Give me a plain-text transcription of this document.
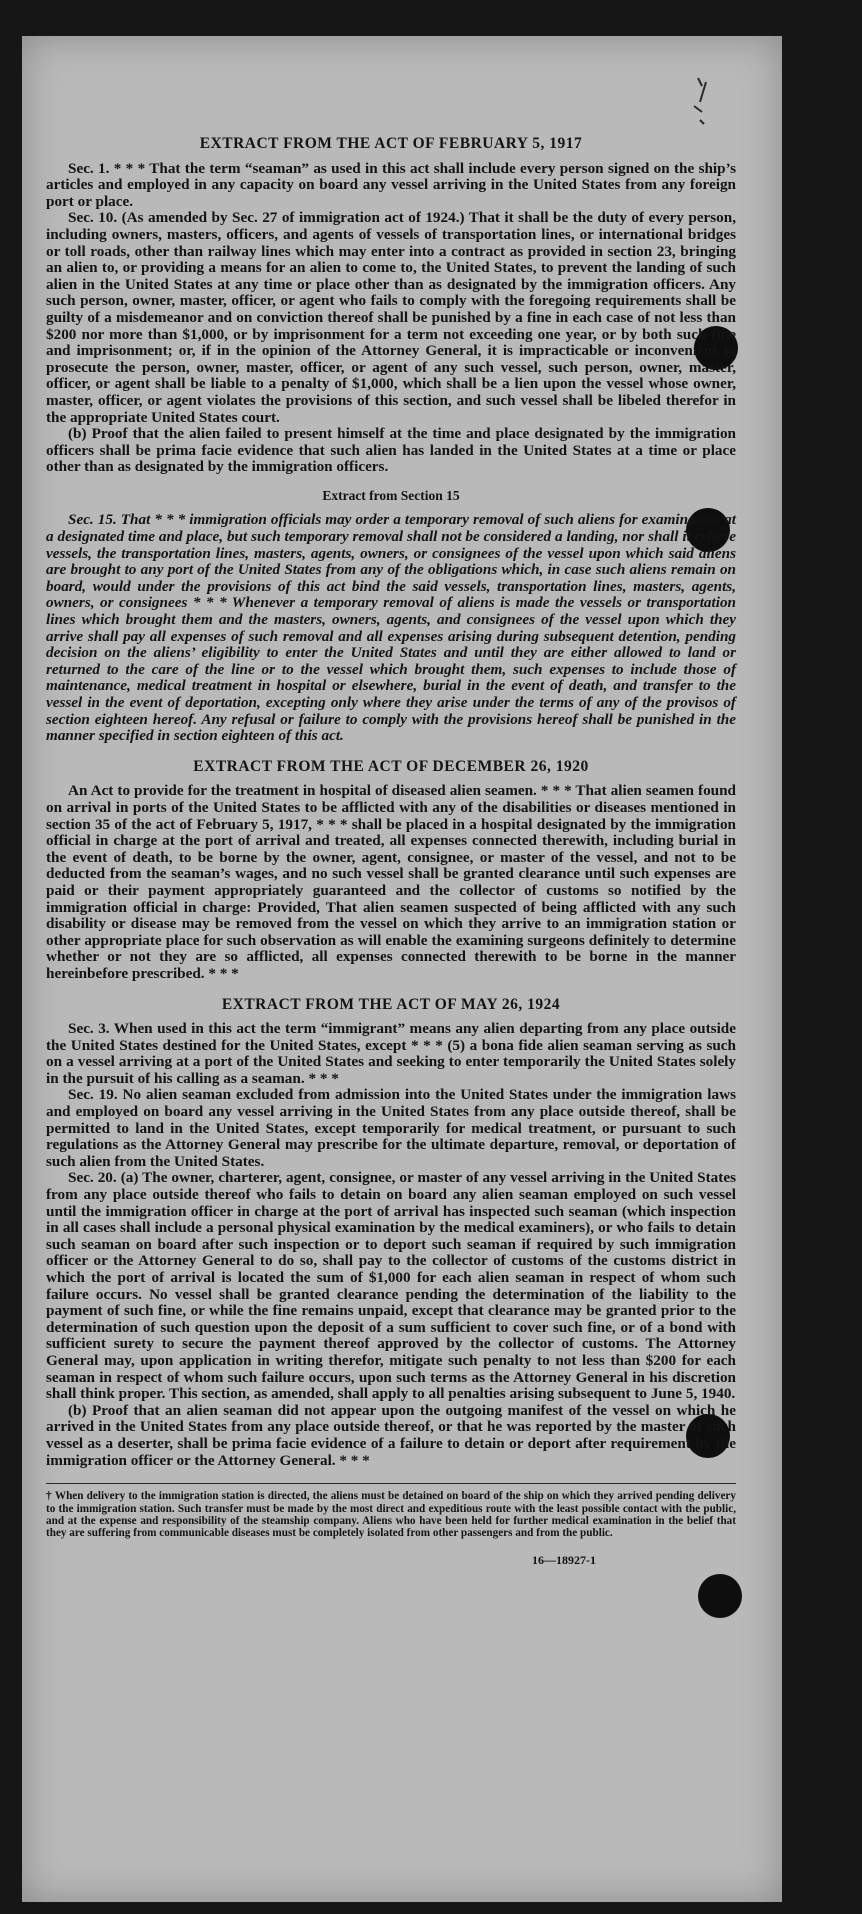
EXTRACT FROM THE ACT OF FEBRUARY 5, 1917

Sec. 1. * * * That the term “seaman” as used in this act shall include every person signed on the ship’s articles and employed in any capacity on board any vessel arriving in the United States from any foreign port or place.

Sec. 10. (As amended by Sec. 27 of immigration act of 1924.) That it shall be the duty of every person, including owners, masters, officers, and agents of vessels of transportation lines, or international bridges or toll roads, other than railway lines which may enter into a contract as provided in section 23, bringing an alien to, or providing a means for an alien to come to, the United States, to prevent the landing of such alien in the United States at any time or place other than as designated by the immigration officers. Any such person, owner, master, officer, or agent who fails to comply with the foregoing requirements shall be guilty of a misdemeanor and on conviction thereof shall be punished by a fine in each case of not less than $200 nor more than $1,000, or by imprisonment for a term not exceeding one year, or by both such fine and imprisonment; or, if in the opinion of the Attorney General, it is impracticable or inconvenient to prosecute the person, owner, master, officer, or agent of any such vessel, such person, owner, master, officer, or agent shall be liable to a penalty of $1,000, which shall be a lien upon the vessel whose owner, master, officer, or agent violates the provisions of this section, and such vessel shall be libeled therefor in the appropriate United States court.

(b) Proof that the alien failed to present himself at the time and place designated by the immigration officers shall be prima facie evidence that such alien has landed in the United States at a time or place other than as designated by the immigration officers.

Extract from Section 15

Sec. 15. That * * * immigration officials may order a temporary removal of such aliens for examination at a designated time and place, but such temporary removal shall not be considered a landing, nor shall it relieve vessels, the transportation lines, masters, agents, owners, or consignees of the vessel upon which said aliens are brought to any port of the United States from any of the obligations which, in case such aliens remain on board, would under the provisions of this act bind the said vessels, transportation lines, masters, agents, owners, or consignees * * * Whenever a temporary removal of aliens is made the vessels or transportation lines which brought them and the masters, owners, agents, and consignees of the vessel upon which they arrive shall pay all expenses of such removal and all expenses arising during subsequent detention, pending decision on the aliens’ eligibility to enter the United States and until they are either allowed to land or returned to the care of the line or to the vessel which brought them, such expenses to include those of maintenance, medical treatment in hospital or elsewhere, burial in the event of death, and transfer to the vessel in the event of deportation, excepting only where they arise under the terms of any of the provisos of section eighteen hereof. Any refusal or failure to comply with the provisions hereof shall be punished in the manner specified in section eighteen of this act.

EXTRACT FROM THE ACT OF DECEMBER 26, 1920

An Act to provide for the treatment in hospital of diseased alien seamen. * * * That alien seamen found on arrival in ports of the United States to be afflicted with any of the disabilities or diseases mentioned in section 35 of the act of February 5, 1917, * * * shall be placed in a hospital designated by the immigration official in charge at the port of arrival and treated, all expenses connected therewith, including burial in the event of death, to be borne by the owner, agent, consignee, or master of the vessel, and not to be deducted from the seaman’s wages, and no such vessel shall be granted clearance until such expenses are paid or their payment appropriately guaranteed and the collector of customs so notified by the immigration official in charge: Provided, That alien seamen suspected of being afflicted with any such disability or disease may be removed from the vessel on which they arrive to an immigration station or other appropriate place for such observation as will enable the examining surgeons definitely to determine whether or not they are so afflicted, all expenses connected therewith to be borne in the manner hereinbefore prescribed. * * *

EXTRACT FROM THE ACT OF MAY 26, 1924

Sec. 3. When used in this act the term “immigrant” means any alien departing from any place outside the United States destined for the United States, except * * * (5) a bona fide alien seaman serving as such on a vessel arriving at a port of the United States and seeking to enter temporarily the United States solely in the pursuit of his calling as a seaman. * * *

Sec. 19. No alien seaman excluded from admission into the United States under the immigration laws and employed on board any vessel arriving in the United States from any place outside thereof, shall be permitted to land in the United States, except temporarily for medical treatment, or pursuant to such regulations as the Attorney General may prescribe for the ultimate departure, removal, or deportation of such alien from the United States.

Sec. 20. (a) The owner, charterer, agent, consignee, or master of any vessel arriving in the United States from any place outside thereof who fails to detain on board any alien seaman employed on such vessel until the immigration officer in charge at the port of arrival has inspected such seaman (which inspection in all cases shall include a personal physical examination by the medical examiners), or who fails to detain such seaman on board after such inspection or to deport such seaman if required by such immigration officer or the Attorney General to do so, shall pay to the collector of customs of the customs district in which the port of arrival is located the sum of $1,000 for each alien seaman in respect of whom such failure occurs. No vessel shall be granted clearance pending the determination of the liability to the payment of such fine, or while the fine remains unpaid, except that clearance may be granted prior to the determination of such question upon the deposit of a sum sufficient to cover such fine, or of a bond with sufficient surety to secure the payment thereof approved by the collector of customs. The Attorney General may, upon application in writing therefor, mitigate such penalty to not less than $200 for each seaman in respect of whom such failure occurs, upon such terms as the Attorney General in his discretion shall think proper. This section, as amended, shall apply to all penalties arising subsequent to June 5, 1940.

(b) Proof that an alien seaman did not appear upon the outgoing manifest of the vessel on which he arrived in the United States from any place outside thereof, or that he was reported by the master of such vessel as a deserter, shall be prima facie evidence of a failure to detain or deport after requirement by the immigration officer or the Attorney General. * * *

† When delivery to the immigration station is directed, the aliens must be detained on board of the ship on which they arrived pending delivery to the immigration station. Such transfer must be made by the most direct and expeditious route with the least possible contact with the public, and at the expense and responsibility of the steamship company. Aliens who have been held for further medical examination in the belief that they are suffering from communicable diseases must be completely isolated from other passengers and from the public.
16—18927-1
